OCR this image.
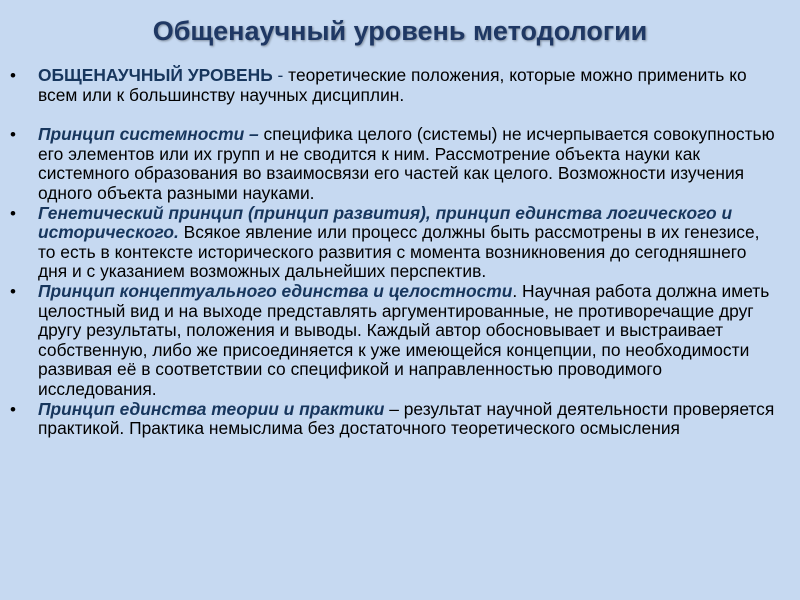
Общенаучный уровень методологии
• ОБЩЕНАУЧНЫЙ УРОВЕНЬ - теоретические положения, которые можно применить ко всем или к большинству научных дисциплин.
• Принцип системности – специфика целого (системы) не исчерпывается совокупностью его элементов или их групп и не сводится к ним. Рассмотрение объекта науки как системного образования во взаимосвязи его частей как целого. Возможности изучения одного объекта разными науками.
• Генетический принцип (принцип развития), принцип единства логического и исторического. Всякое явление или процесс должны быть рассмотрены в их генезисе, то есть в контексте исторического развития с момента возникновения до сегодняшнего дня и с указанием возможных дальнейших перспектив.
• Принцип концептуального единства и целостности. Научная работа должна иметь целостный вид и на выходе представлять аргументированные, не противоречащие друг другу результаты, положения и выводы. Каждый автор обосновывает и выстраивает собственную, либо же присоединяется к уже имеющейся концепции, по необходимости развивая её в соответствии со спецификой и направленностью проводимого исследования.
• Принцип единства теории и практики – результат научной деятельности проверяется практикой. Практика немыслима без достаточного теоретического осмысления
